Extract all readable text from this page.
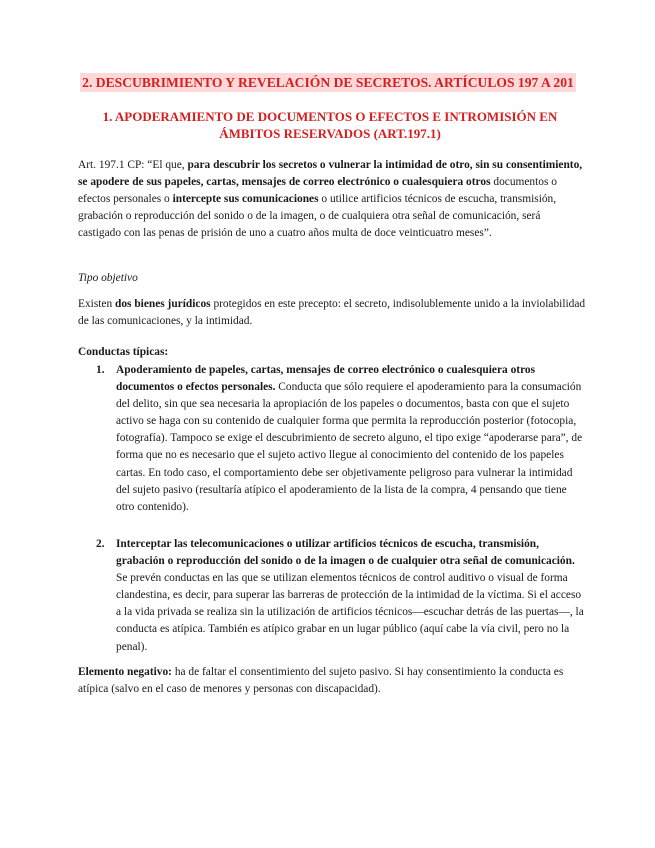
2. DESCUBRIMIENTO Y REVELACIÓN DE SECRETOS. ARTÍCULOS 197 A 201
1. APODERAMIENTO DE DOCUMENTOS O EFECTOS E INTROMISIÓN EN ÁMBITOS RESERVADOS (ART.197.1)

Art. 197.1 CP: “El que, para descubrir los secretos o vulnerar la intimidad de otro, sin su consentimiento, se apodere de sus papeles, cartas, mensajes de correo electrónico o cualesquiera otros documentos o efectos personales o intercepte sus comunicaciones o utilice artificios técnicos de escucha, transmisión, grabación o reproducción del sonido o de la imagen, o de cualquiera otra señal de comunicación, será castigado con las penas de prisión de uno a cuatro años multa de doce veinticuatro meses”.

Tipo objetivo

Existen dos bienes jurídicos protegidos en este precepto: el secreto, indisolublemente unido a la inviolabilidad de las comunicaciones, y la intimidad.

Conductas típicas:

1.	Apoderamiento de papeles, cartas, mensajes de correo electrónico o cualesquiera otros documentos o efectos personales. Conducta que sólo requiere el apoderamiento para la consumación del delito, sin que sea necesaria la apropiación de los papeles o documentos, basta con que el sujeto activo se haga con su contenido de cualquier forma que permita la reproducción posterior (fotocopia, fotografía). Tampoco se exige el descubrimiento de secreto alguno, el tipo exige “apoderarse para”, de forma que no es necesario que el sujeto activo llegue al conocimiento del contenido de los papeles cartas. En todo caso, el comportamiento debe ser objetivamente peligroso para vulnerar la intimidad del sujeto pasivo (resultaría atípico el apoderamiento de la lista de la compra, 4 pensando que tiene otro contenido).
2.	Interceptar las telecomunicaciones o utilizar artificios técnicos de escucha, transmisión, grabación o reproducción del sonido o de la imagen o de cualquier otra señal de comunicación. Se prevén conductas en las que se utilizan elementos técnicos de control auditivo o visual de forma clandestina, es decir, para superar las barreras de protección de la intimidad de la víctima. Si el acceso a la vida privada se realiza sin la utilización de artificios técnicos—escuchar detrás de las puertas—, la conducta es atípica. También es atípico grabar en un lugar público (aquí cabe la vía civil, pero no la penal).

Elemento negativo: ha de faltar el consentimiento del sujeto pasivo. Si hay consentimiento la conducta es atípica (salvo en el caso de menores y personas con discapacidad).
